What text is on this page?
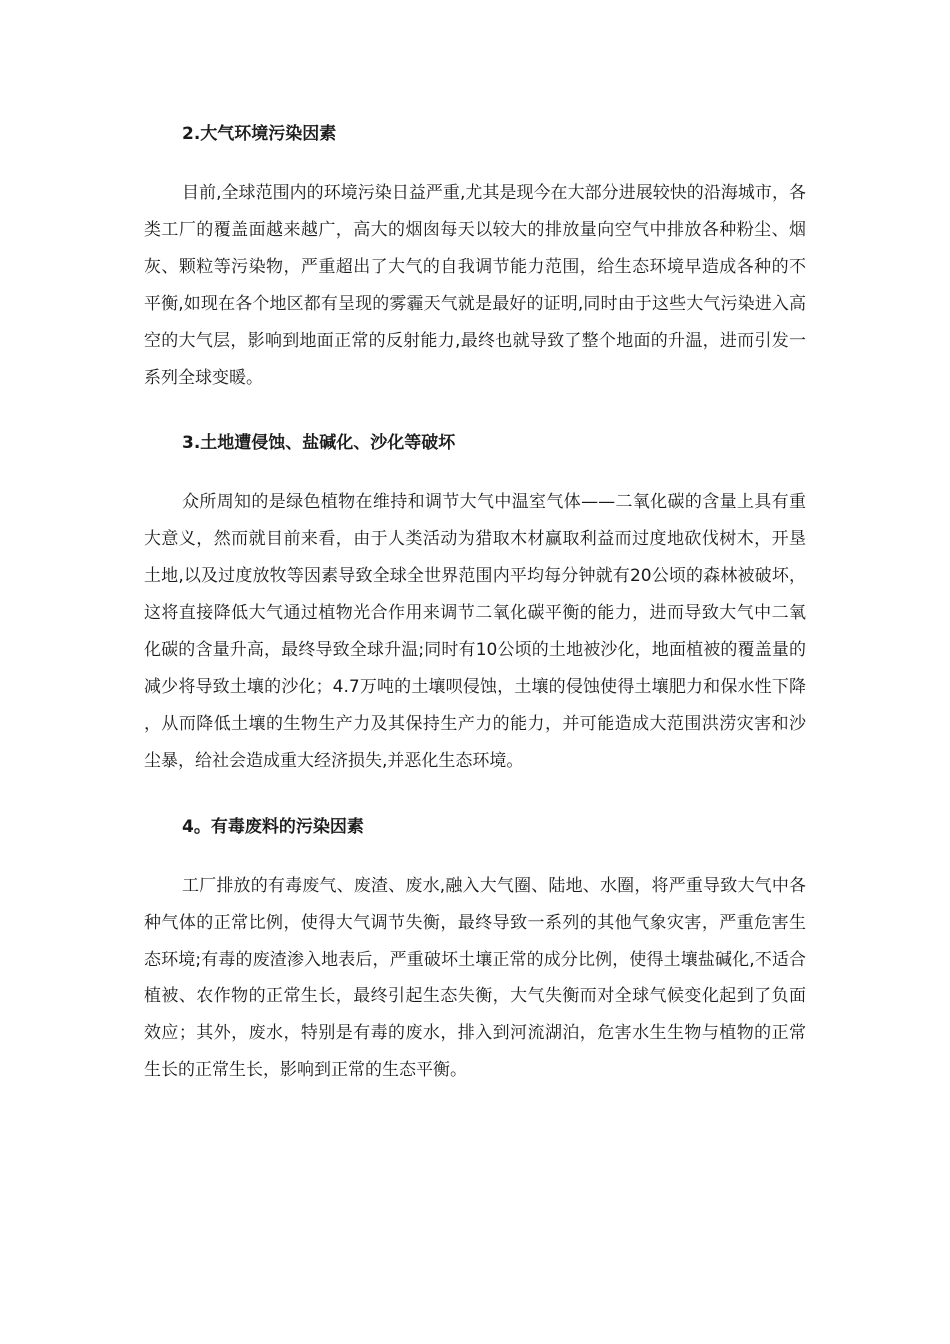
2.大气环境污染因素

目前,全球范围内的环境污染日益严重,尤其是现今在大部分进展较快的沿海城市，各类工厂的覆盖面越来越广，高大的烟囱每天以较大的排放量向空气中排放各种粉尘、烟灰、颗粒等污染物，严重超出了大气的自我调节能力范围，给生态环境早造成各种的不平衡,如现在各个地区都有呈现的雾霾天气就是最好的证明,同时由于这些大气污染进入高空的大气层，影响到地面正常的反射能力,最终也就导致了整个地面的升温，进而引发一系列全球变暖。

3.土地遭侵蚀、盐碱化、沙化等破坏

众所周知的是绿色植物在维持和调节大气中温室气体——二氧化碳的含量上具有重大意义，然而就目前来看，由于人类活动为猎取木材赢取利益而过度地砍伐树木，开垦土地,以及过度放牧等因素导致全球全世界范围内平均每分钟就有20公顷的森林被破坏，这将直接降低大气通过植物光合作用来调节二氧化碳平衡的能力，进而导致大气中二氧化碳的含量升高，最终导致全球升温;同时有10公顷的土地被沙化，地面植被的覆盖量的减少将导致土壤的沙化；4.7万吨的土壤呗侵蚀，土壤的侵蚀使得土壤肥力和保水性下降，从而降低土壤的生物生产力及其保持生产力的能力，并可能造成大范围洪涝灾害和沙尘暴，给社会造成重大经济损失,并恶化生态环境。

4。有毒废料的污染因素

工厂排放的有毒废气、废渣、废水,融入大气圈、陆地、水圈，将严重导致大气中各种气体的正常比例，使得大气调节失衡，最终导致一系列的其他气象灾害，严重危害生态环境;有毒的废渣渗入地表后，严重破坏土壤正常的成分比例，使得土壤盐碱化,不适合植被、农作物的正常生长，最终引起生态失衡，大气失衡而对全球气候变化起到了负面效应；其外，废水，特别是有毒的废水，排入到河流湖泊，危害水生生物与植物的正常生长的正常生长，影响到正常的生态平衡。
